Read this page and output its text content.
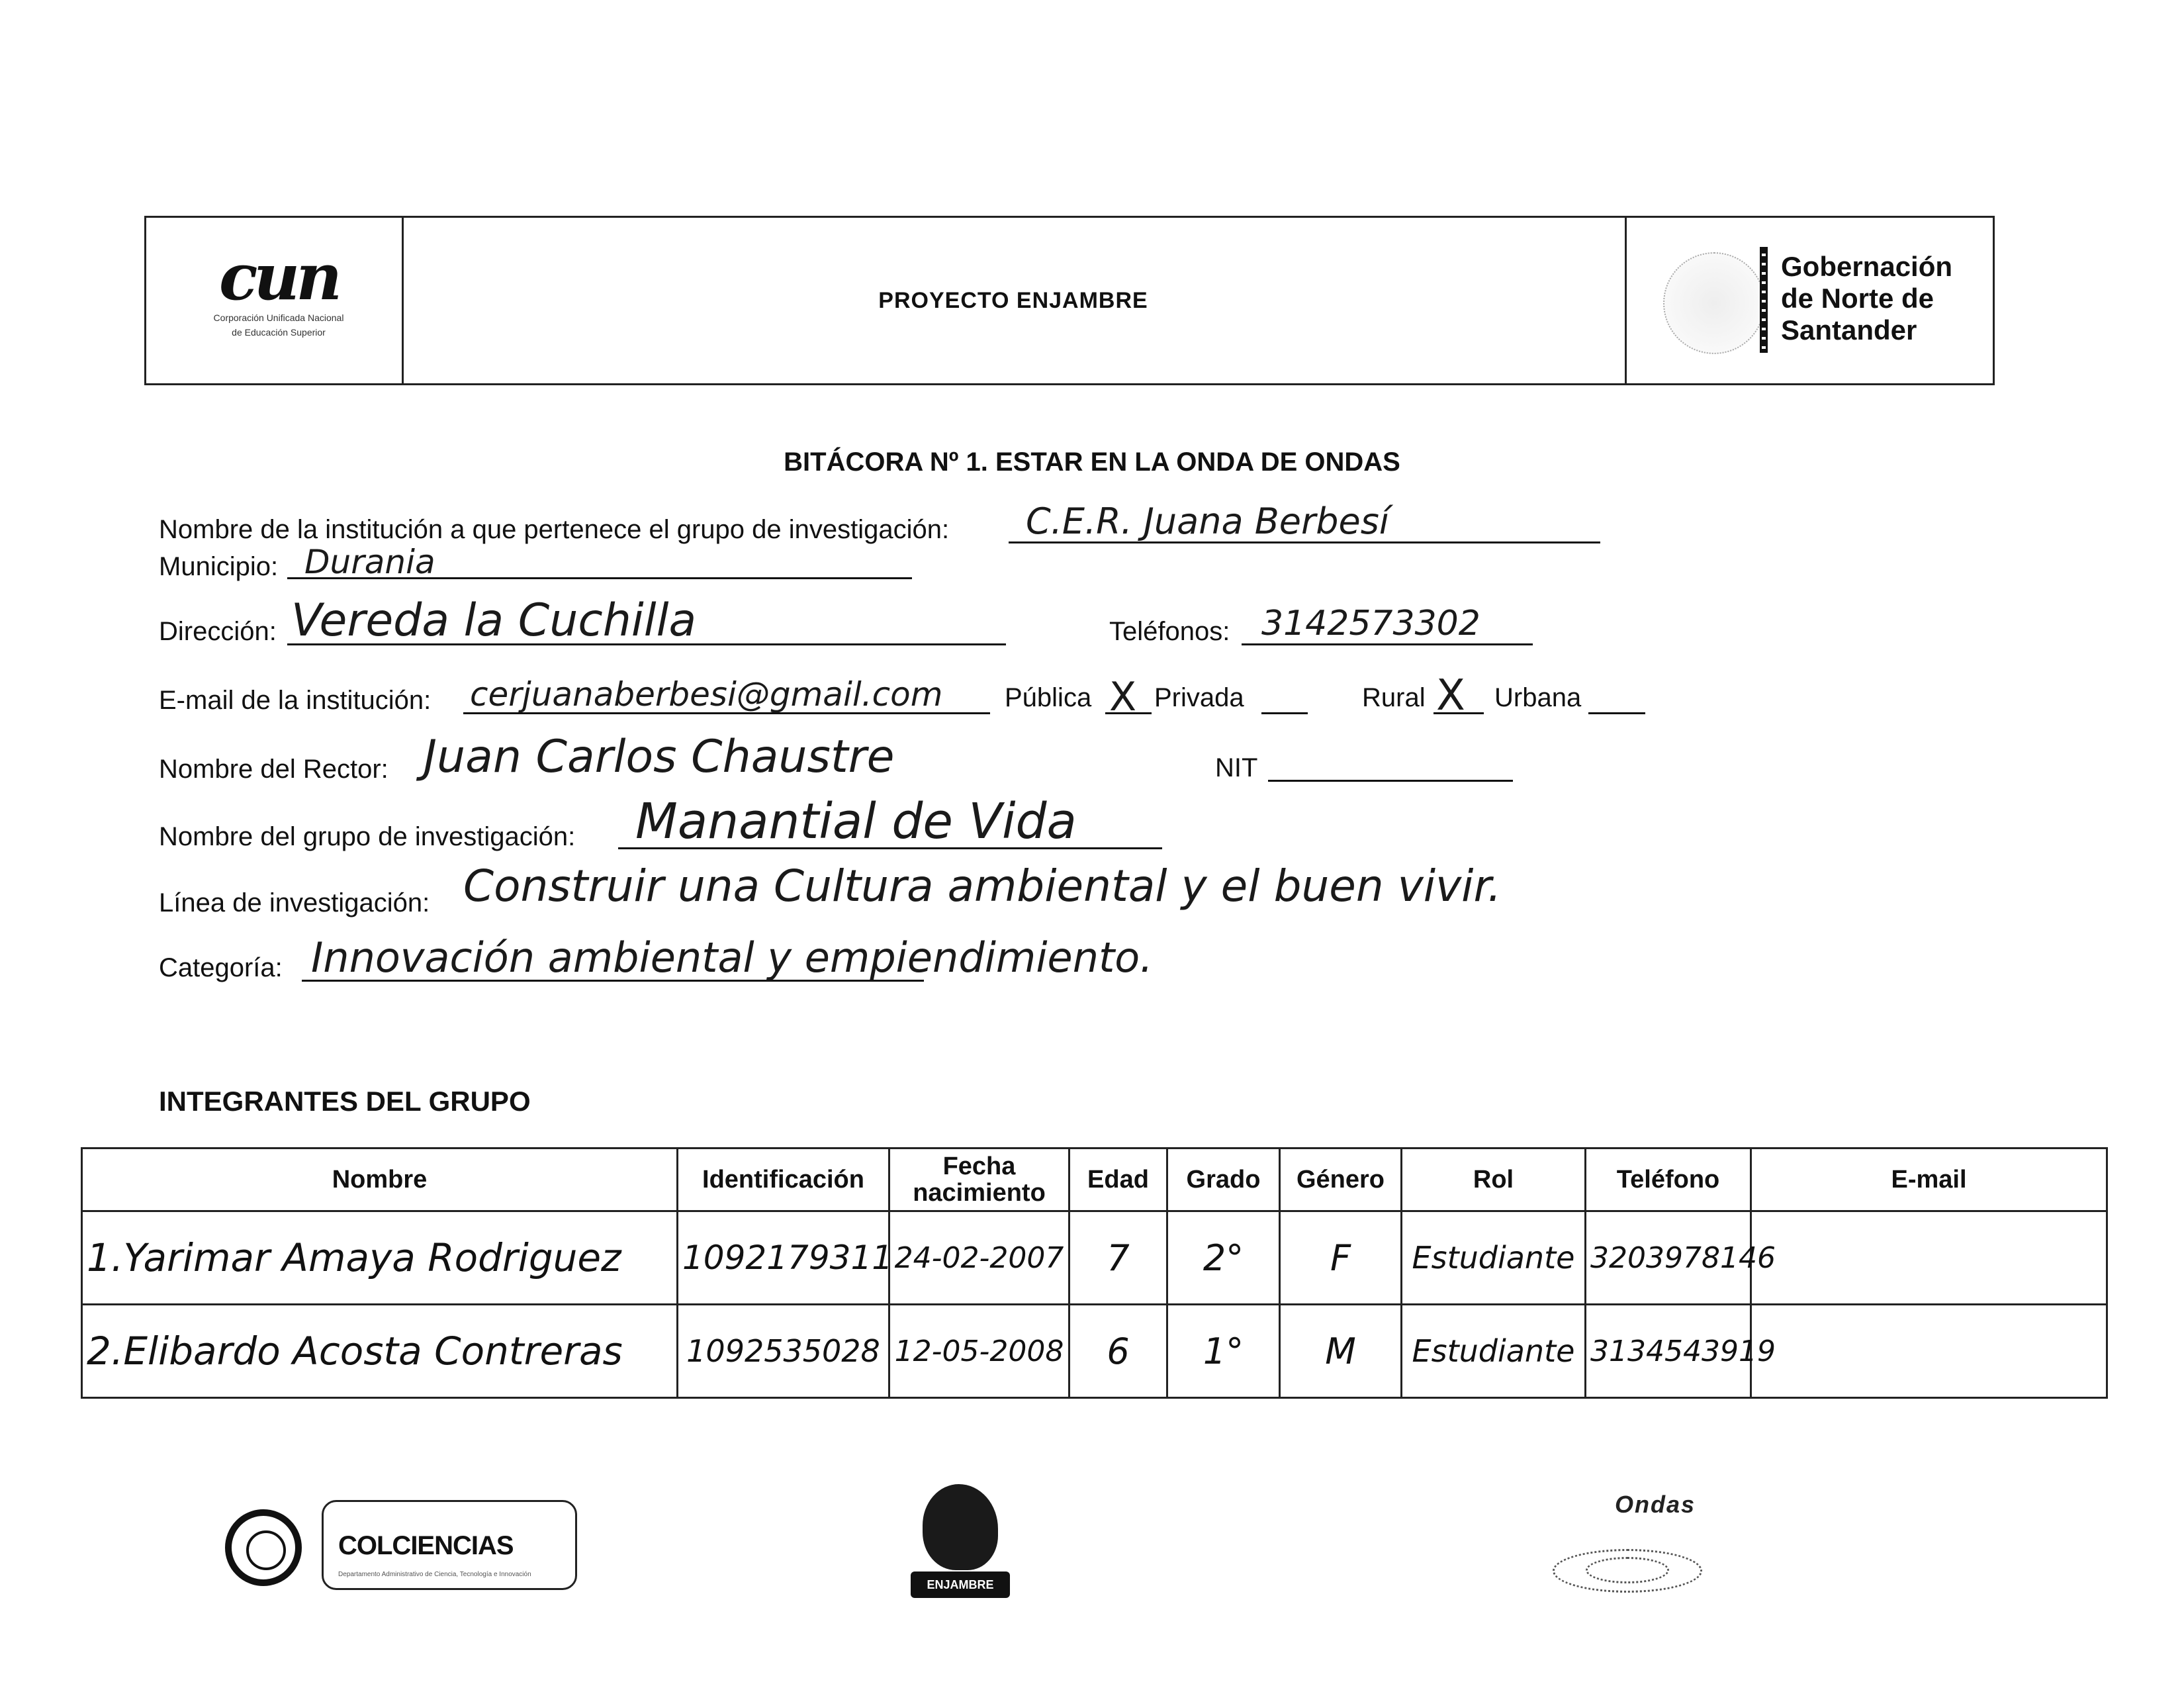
cun
Corporación Unificada Nacional
de Educación Superior
PROYECTO ENJAMBRE
Gobernación
de Norte de
Santander
BITÁCORA Nº 1. ESTAR EN LA ONDA DE ONDAS
Nombre de la institución a que pertenece el grupo de investigación: C.E.R. Juana Berbesí
Municipio: Durania
Dirección: Vereda la Cuchilla	Teléfonos: 3142573302
E-mail de la institución: cerjuanaberbesi@gmail.com Pública X Privada	Rural X Urbana
Nombre del Rector: Juan Carlos Chaustre	NIT
Nombre del grupo de investigación: Manantial de Vida
Línea de investigación: Construir una Cultura ambiental y el buen vivir.
Categoría: Innovación ambiental y empiendimiento.
INTEGRANTES DEL GRUPO
Nombre	Identificación	Fecha nacimiento	Edad	Grado	Género	Rol	Teléfono	E-mail
1.Yarimar Amaya Rodriguez	1092179311	24-02-2007	7	2°	F	Estudiante	3203978146	
2.Elibardo Acosta Contreras	1092535028	12-05-2008	6	1°	M	Estudiante	3134543919	
COLCIENCIAS
Departamento Administrativo de Ciencia, Tecnología e Innovación
ENJAMBRE
Ondas
